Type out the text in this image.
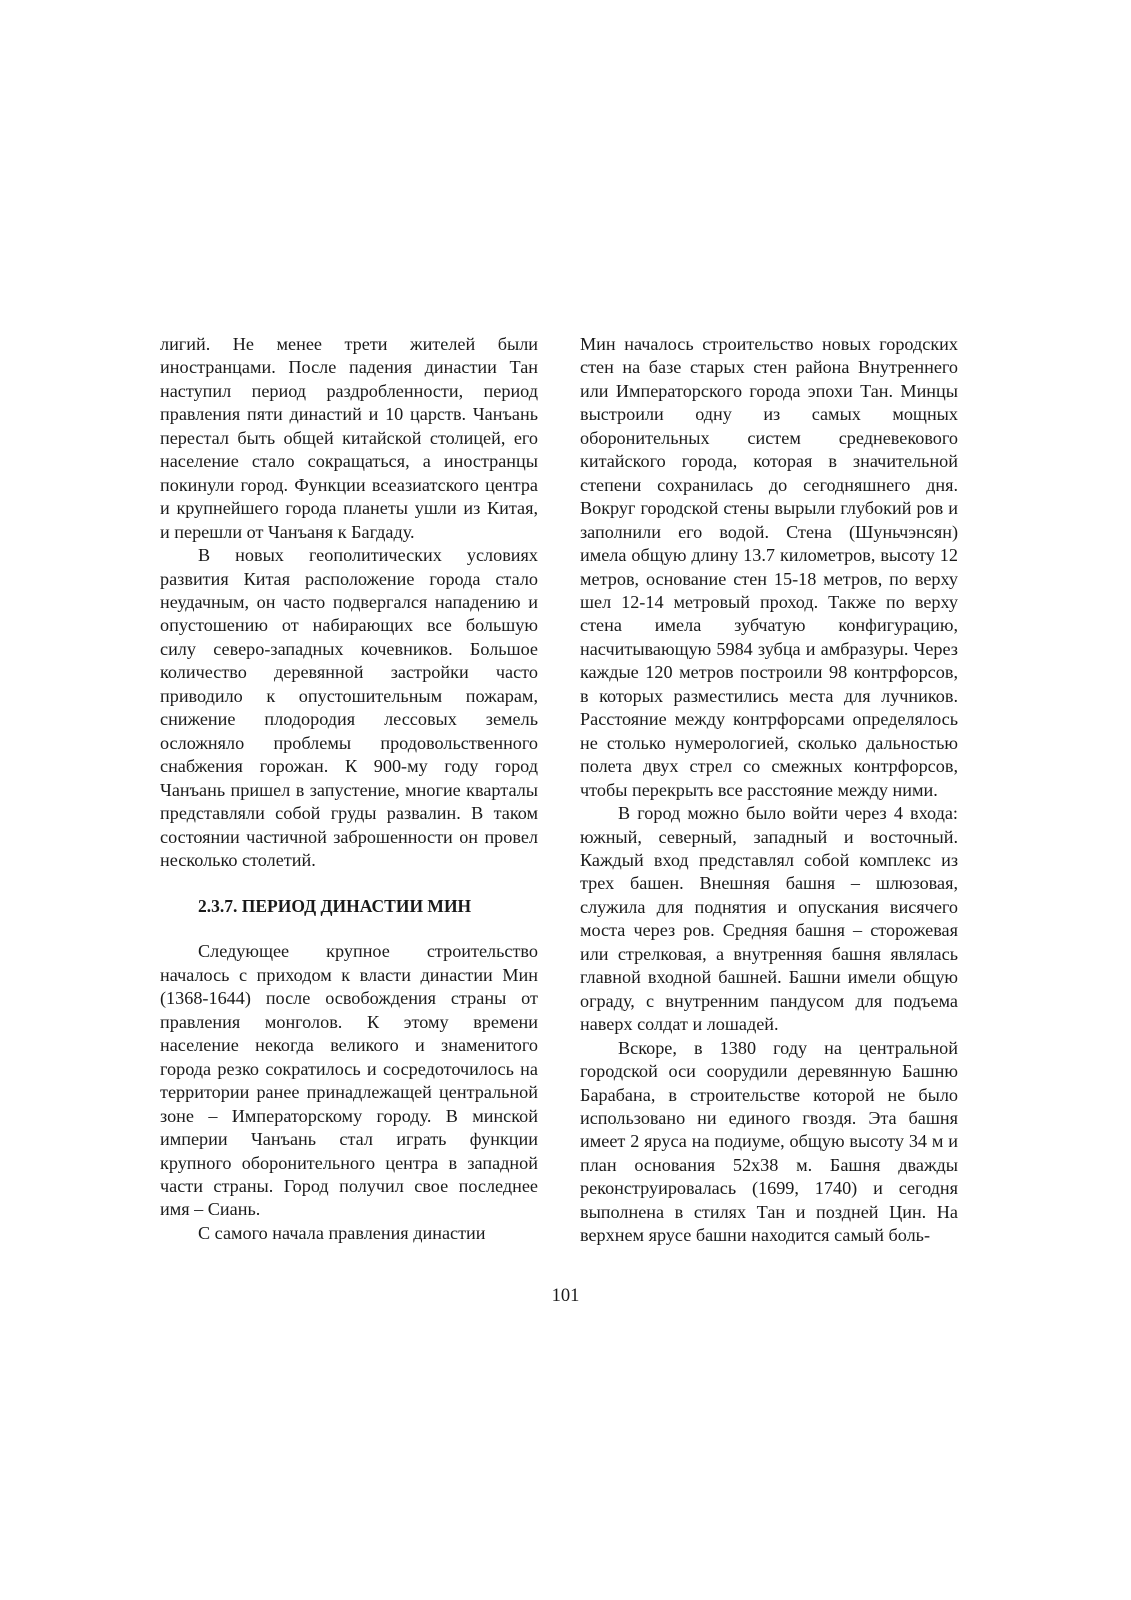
лигий. Не менее трети жителей были иностранцами. После падения династии Тан наступил период раздробленности, период правления пяти династий и 10 царств. Чанъань перестал быть общей китайской столицей, его население стало сокращаться, а иностранцы покинули город. Функции всеазиатского центра и крупнейшего города планеты ушли из Китая, и перешли от Чанъаня к Багдаду.

В новых геополитических условиях развития Китая расположение города стало неудачным, он часто подвергался нападению и опустошению от набирающих все большую силу северо-западных кочевников. Большое количество деревянной застройки часто приводило к опустошительным пожарам, снижение плодородия лессовых земель осложняло проблемы продовольственного снабжения горожан. К 900-му году город Чанъань пришел в запустение, многие кварталы представляли собой груды развалин. В таком состоянии частичной заброшенности он провел несколько столетий.

2.3.7. ПЕРИОД ДИНАСТИИ МИН

Следующее крупное строительство началось с приходом к власти династии Мин (1368-1644) после освобождения страны от правления монголов. К этому времени население некогда великого и знаменитого города резко сократилось и сосредоточилось на территории ранее принадлежащей центральной зоне – Императорскому городу. В минской империи Чанъань стал играть функции крупного оборонительного центра в западной части страны. Город получил свое последнее имя – Сиань.

С самого начала правления династии

Мин началось строительство новых городских стен на базе старых стен района Внутреннего или Императорского города эпохи Тан. Минцы выстроили одну из самых мощных оборонительных систем средневекового китайского города, которая в значительной степени сохранилась до сегодняшнего дня. Вокруг городской стены вырыли глубокий ров и заполнили его водой. Стена (Шуньчэнсян) имела общую длину 13.7 километров, высоту 12 метров, основание стен 15-18 метров, по верху шел 12-14 метровый проход. Также по верху стена имела зубчатую конфигурацию, насчитывающую 5984 зубца и амбразуры. Через каждые 120 метров построили 98 контрфорсов, в которых разместились места для лучников. Расстояние между контрфорсами определялось не столько нумерологией, сколько дальностью полета двух стрел со смежных контрфорсов, чтобы перекрыть все расстояние между ними.

В город можно было войти через 4 входа: южный, северный, западный и восточный. Каждый вход представлял собой комплекс из трех башен. Внешняя башня – шлюзовая, служила для поднятия и опускания висячего моста через ров. Средняя башня – сторожевая или стрелковая, а внутренняя башня являлась главной входной башней. Башни имели общую ограду, с внутренним пандусом для подъема наверх солдат и лошадей.

Вскоре, в 1380 году на центральной городской оси соорудили деревянную Башню Барабана, в строительстве которой не было использовано ни единого гвоздя. Эта башня имеет 2 яруса на подиуме, общую высоту 34 м и план основания 52х38 м. Башня дважды реконструировалась (1699, 1740) и сегодня выполнена в стилях Тан и поздней Цин. На верхнем ярусе башни находится самый боль-

101
